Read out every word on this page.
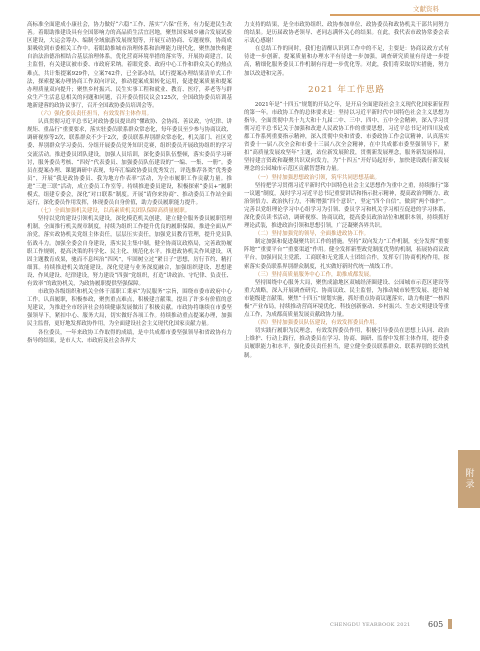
文献资料

高标准全面建成小康社会，协力做好“六稳”工作、落实“六保”任务，有力促进民生改善。着眼助推建设具有全国影响力的高品质生活宜居地，聚焦国家城乡融合发展试验区建设，大运会筹办、编制全域旅游发展规划等，开展互动协商、专题视察，协商成果吸收到市委相关工作中。着眼助推城市治理体系和治理能力现代化，聚焦加快构建自治法治德治相结合基层治理体系，优化营商环境举措的落实等，开展协商建言，民主监督，有关建议被市委、市政府采纳。着眼党委、政府中心工作和群众关心的热点难点，共计集提案929件，立案742件，已全部办结，试行提案办理结果清单式工作法，探索提案办理协商工作双向评议，推动提案成果转化运用，促进提案质量和提案办理质量双向提升；聚焦乡村振兴、民生实事工程和就业、教育、医疗，养老等与群众生产生活息息相关的问题和问题，召开委员督民议会125次，全国政协委员培训基地新建蓉的政协议事厅，召开全国政协委员培训会等。

（六）强化委员责任担当，有效发挥主体作用。

认真贯彻习近平总书记对政协委员提出的“懂政协、会协商、善议政，守纪律、讲规矩、重品行”重要要求，落实驻委员联系群众常态化，每年委员至少参与协商议政、调研视察等2次、联系群众不少于2次，委员联系界别群众常态化，机关部门、社区党委、界别群众学习委员、分组开展委员党务知识竞赛，组织委员开展政协组织的学习交流活动。推进委员团队建设，加强人员培训，深化委员队伍整顿，落实委员学习研讨，服务委员考核、“四好”代表委员、加强委员队伍建设的“一编、一集、一册”。委员在提案办理、课题调研中表现，每年汇编政协委员优秀发言，评选推荐各类“优秀委员”，开展“我是政协委员、我为地方作表率”活动，为全市履职工作贡献力量。推进“三进三联”活动，成立委员工作室等。持续推进委员建设，积极探索“委员+”履职模式，组建专委会，深化“对口联系”制度。开展“请你来协商”、推动委员工作站全面运行，深化委员作用发挥，体现委员自身价值，助力委员履职能力提升。

（七）全面加强机关建设，以高素质机关团队保障高质量履职。

坚持以党的建设引领机关建设，深化模范机关创建，建立健全服务委员履职管理机制，全面推行机关规章制度，持续为组织工作提升优良的履职保障。推进全面从严治党，落实政协机关党组主体责任，层层压实责任，加强党员教育管理，提升党员队伍战斗力。加强全委会自身建设，落实民主集中制，健全协商议政格局，完善政协履职工作规则，提高决策的科学化、民主化、规范化水平。推进政协机关作风建设，巩固主题教育成果，驰而不息纠治“四风”，牢固树立过“紧日子”思想，厉行节约、精打细算。持续推进机关效能建设，深化党建与业务深度融合，加强组织建设、思想建设、作风建设、纪律建设，努力建设“四强”党组织，打造“讲政治、守纪律、负责任、有效率”的政协机关，为政协履职提供坚强保障。

市政协各级组织和机关全体干部职工秉承“为民服务”宗旨，围绕市委市政府中心工作，认真履职，积极参政，聚焦重点难点，积极建言献策，提出了许多有价值的意见建议，为推进全市经济社会持续健康发展做出了积极贡献。市政协将继续在市委坚强领导下，紧扣中心、服务大局，切实做好各项工作。持续推动重点提案办理，加强民主监督，更好地发挥政协作用，为全面建设社会主义现代化国家贡献力量。

各位委员，一年来政协工作取得的成绩，是中共成都市委坚强领导和省政协有力指导的结果，是市人大、市政府及社会各界大

力支持的结果，是全市政协组织、政协参加单位、政协委员和政协机关干部共同努力的结果。是历届政协老领导、老同志满怀关心的结果。在此，我代表市政协常委会表示衷心感谢！

在总结工作的同时，我们也清醒认识到工作中的不足，主要是：协商议政方式有待进一步创新，提案质量和办理水平有待进一步加强，调查研究质量有待进一步提高，精细化服务委员工作机制有待进一步优化等。对此，我们将采取切实措施，努力加以改进和完善。

2021 年工作思路

2021年是“十四五”规划的开局之年，是开启全面建设社会主义现代化国家新征程的第一年。市政协工作的总体要求是：坚持以习近平新时代中国特色社会主义思想为指导，全面贯彻中共十九大和十九届二中、三中、四中、五中全会精神，深入学习贯彻习近平总书记关于加强和改进人民政协工作的重要思想，习近平总书记对四川及成都工作系列重要指示精神，深入贯彻中央和省委、市委政协工作会议精神，认真落实省委十一届八次全会和市委十三届八次全会精神，在中共成都市委坚强领导下，紧扣“高质量发展攻坚年”主题，站位新发展阶段，贯彻新发展理念，服务新发展格局，坚持建言资政和凝聚共识双向发力，为“十四五”开好局起好步，加快建设践行新发展理念的公园城市示范区贡献智慧和力量。

（一）坚持加强思想政治引领，筑牢共同思想基础。

坚持把学习贯彻习近平新时代中国特色社会主义思想作为重中之重，持续推行“第一议题”制度，及时学习习近平总书记重要讲话和指示批示精神，提高政治判断力、政治领悟力、政治执行力，不断增强“四个意识”，坚定“四个自信”，做到“两个维护”。完善以党组理论学习中心组学习为引领、委员学习和机关学习相互促进的学习体系，深化委员读书活动，调研视察、协商议政，提高委员政治站位和履职本领，持续抓好理论武装，推进政治引领和思想引领，广泛凝聚各界共识。

（二）坚持加强党的领导，全面推进政协工作。

制定加强和促进凝聚共识工作的措施。坚持“双向发力”工作机制，充分发挥“重要阵地”“重要平台”“重要渠道”作用。健全发挥新型政党制度优势的机制，拓展协商议政平台，加强同民主党派、工商联和无党派人士团结合作，发挥专门协商机构作用，探索落实委员联系界别群众制度，扎实做好新时代统一战线工作。

（三）坚持高质量服务中心工作，助推成都发展。

坚持围绕中心服务大局，聚焦成渝地区双城经济圈建设、公园城市示范区建设等重大战略，深入开展调查研究、协商议政、民主监督，为推动城市转型发展、提升城市能级建言献策。聚焦“十四五”规划实施，抓好重点协商议题落实，助力构建“一核四极”产业布局，持续推动营商环境优化、科技创新驱动、乡村振兴、生态文明建设等重点工作，为成都高质量发展贡献政协力量。

（四）坚持加强委员队伍建设，有效发挥委员作用。

切实践行履职为民理念，有效发挥委员作用，积极引导委员在思想上认同、政治上维护、行动上践行，推动委员在学习、协商、调研、监督中发挥主体作用，提升委员履职能力和水平，强化委员责任担当，建立健全委员联系群众、联系界别的长效机制。

附录
CHENGDU YEARBOOK 2021 605
